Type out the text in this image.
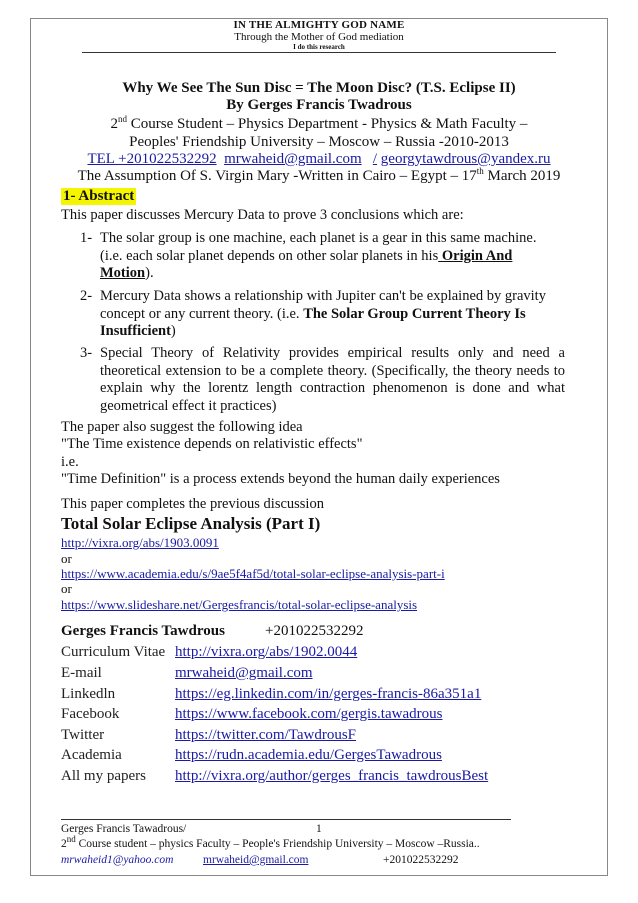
IN THE ALMIGHTY GOD NAME
Through the Mother of God mediation
I do this research
Why We See The Sun Disc = The Moon Disc? (T.S. Eclipse II)
By Gerges Francis Twadrous
2nd Course Student – Physics Department - Physics & Math Faculty –
Peoples' Friendship University – Moscow – Russia -2010-2013
TEL +201022532292 mrwaheid@gmail.com / georgytawdrous@yandex.ru
The Assumption Of S. Virgin Mary -Written in Cairo – Egypt – 17th March 2019
1- Abstract
This paper discusses Mercury Data to prove 3 conclusions which are:
1- The solar group is one machine, each planet is a gear in this same machine.
(i.e. each solar planet depends on other solar planets in his Origin And
Motion).
2- Mercury Data shows a relationship with Jupiter can't be explained by gravity
concept or any current theory. (i.e. The Solar Group Current Theory Is
Insufficient)
3- Special Theory of Relativity provides empirical results only and need a theoretical extension to be a complete theory. (Specifically, the theory needs to explain why the lorentz length contraction phenomenon is done and what geometrical effect it practices)
The paper also suggest the following idea
"The Time existence depends on relativistic effects"
i.e.
"Time Definition" is a process extends beyond the human daily experiences
This paper completes the previous discussion
Total Solar Eclipse Analysis (Part I)
http://vixra.org/abs/1903.0091
or
https://www.academia.edu/s/9ae5f4af5d/total-solar-eclipse-analysis-part-i
or
https://www.slideshare.net/Gergesfrancis/total-solar-eclipse-analysis
Gerges Francis Tawdrous	+201022532292
Curriculum Vitae http://vixra.org/abs/1902.0044
E-mail	mrwaheid@gmail.com
Linkedln	https://eg.linkedin.com/in/gerges-francis-86a351a1
Facebook	https://www.facebook.com/gergis.tawadrous
Twitter	https://twitter.com/TawdrousF
Academia	https://rudn.academia.edu/GergesTawadrous
All my papers http://vixra.org/author/gerges_francis_tawdrousBest
Gerges Francis Tawadrous/	1
2nd Course student – physics Faculty – People's Friendship University – Moscow –Russia..
mrwaheid1@yahoo.com	mrwaheid@gmail.com	+201022532292
